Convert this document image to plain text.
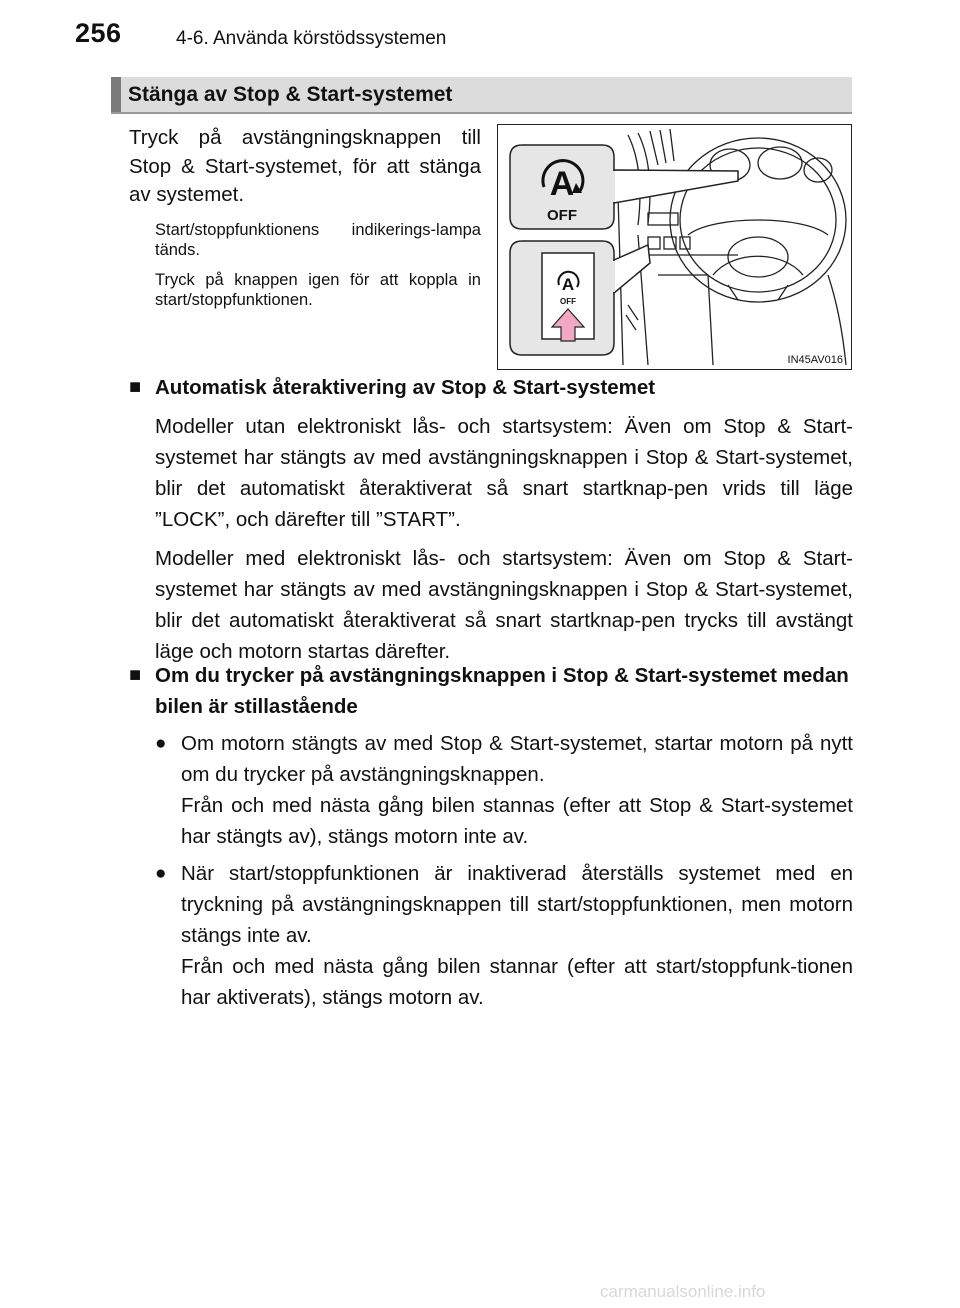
256	4-6. Använda körstödssystemen
Stänga av Stop & Start-systemet

Tryck på avstängningsknappen till Stop & Start-systemet, för att stänga av systemet.

Start/stoppfunktionens indikerings-lampa tänds.

Tryck på knappen igen för att koppla in start/stoppfunktionen.

A
OFF
A
OFF
IN45AV016
■ Automatisk återaktivering av Stop & Start-systemet

Modeller utan elektroniskt lås- och startsystem: Även om Stop & Start-systemet har stängts av med avstängningsknappen i Stop & Start-systemet, blir det automatiskt återaktiverat så snart startknap-pen vrids till läge ”LOCK”, och därefter till ”START”.

Modeller med elektroniskt lås- och startsystem: Även om Stop & Start-systemet har stängts av med avstängningsknappen i Stop & Start-systemet, blir det automatiskt återaktiverat så snart startknap-pen trycks till avstängt läge och motorn startas därefter.

■ Om du trycker på avstängningsknappen i Stop & Start-systemet medan bilen är stillastående
● Om motorn stängts av med Stop & Start-systemet, startar motorn på nytt om du trycker på avstängningsknappen.

Från och med nästa gång bilen stannas (efter att Stop & Start-systemet har stängts av), stängs motorn inte av.

● När start/stoppfunktionen är inaktiverad återställs systemet med en tryckning på avstängningsknappen till start/stoppfunktionen, men motorn stängs inte av.

Från och med nästa gång bilen stannar (efter att start/stoppfunk-tionen har aktiverats), stängs motorn av.

carmanualsonline.info
